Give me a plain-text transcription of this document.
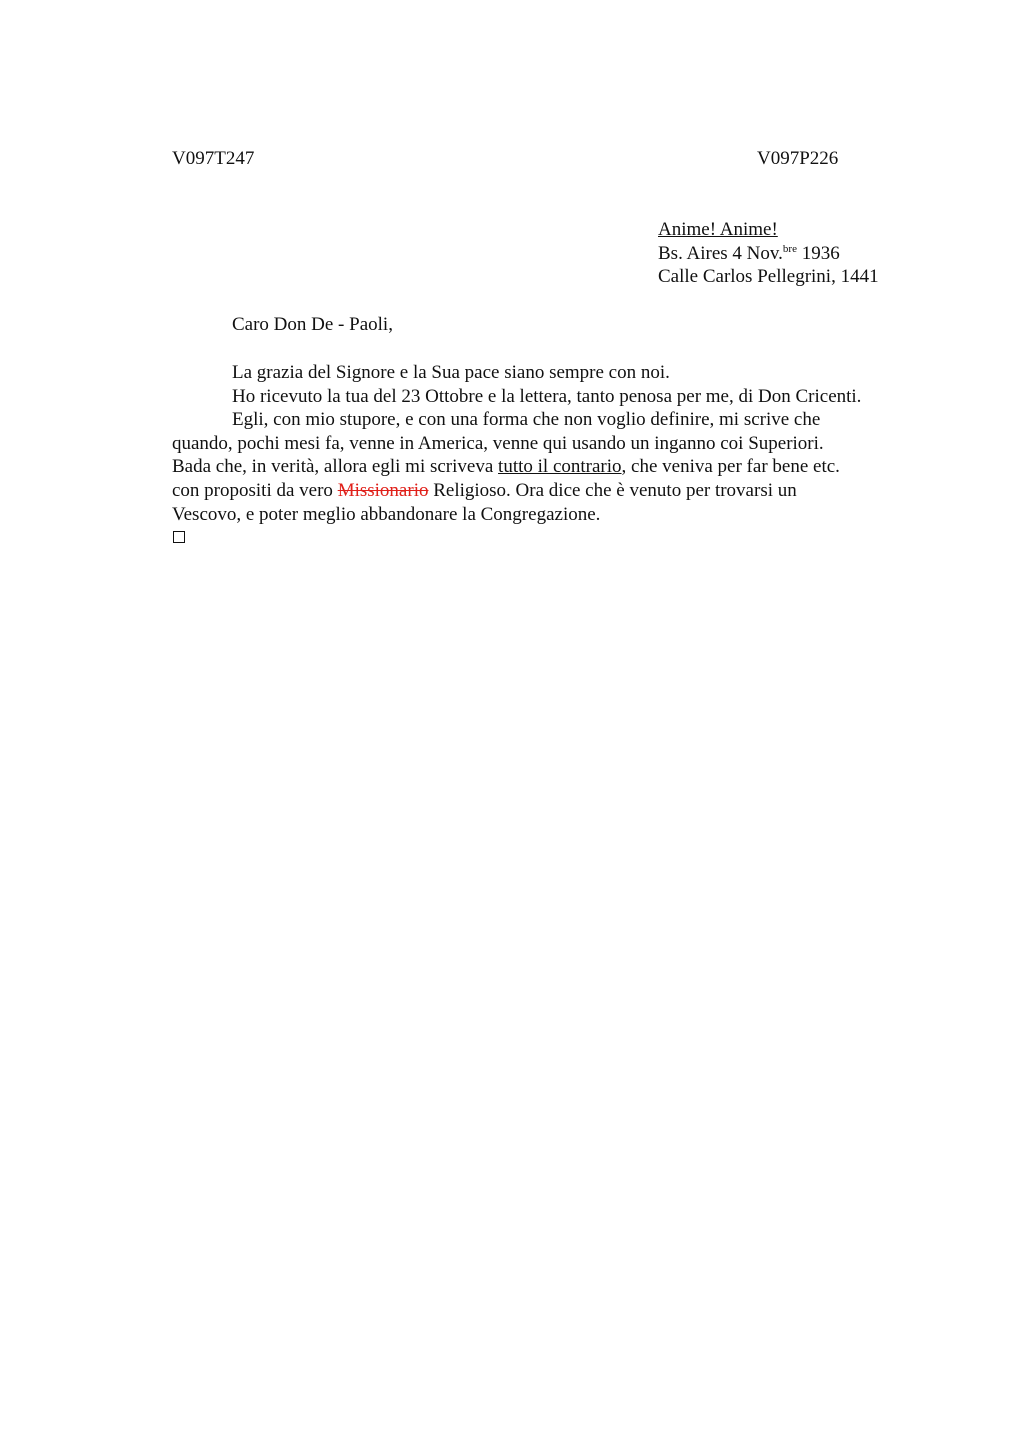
V097T247	V097P226
Anime! Anime!
Bs. Aires 4 Nov.$^{bre}$ 1936
Calle Carlos Pellegrini, 1441
Caro Don De - Paoli,

La grazia del Signore e la Sua pace siano sempre con noi.

Ho ricevuto la tua del 23 Ottobre e la lettera, tanto penosa per me, di Don Cricenti.

Egli, con mio stupore, e con una forma che non voglio definire, mi scrive che

quando, pochi mesi fa, venne in America, venne qui usando un inganno coi Superiori.
Bada che, in verità, allora egli mi scriveva tutto il contrario, che veniva per far bene etc.
con propositi da vero Missionario Religioso. Ora dice che è venuto per trovarsi un
Vescovo, e poter meglio abbandonare la Congregazione.
